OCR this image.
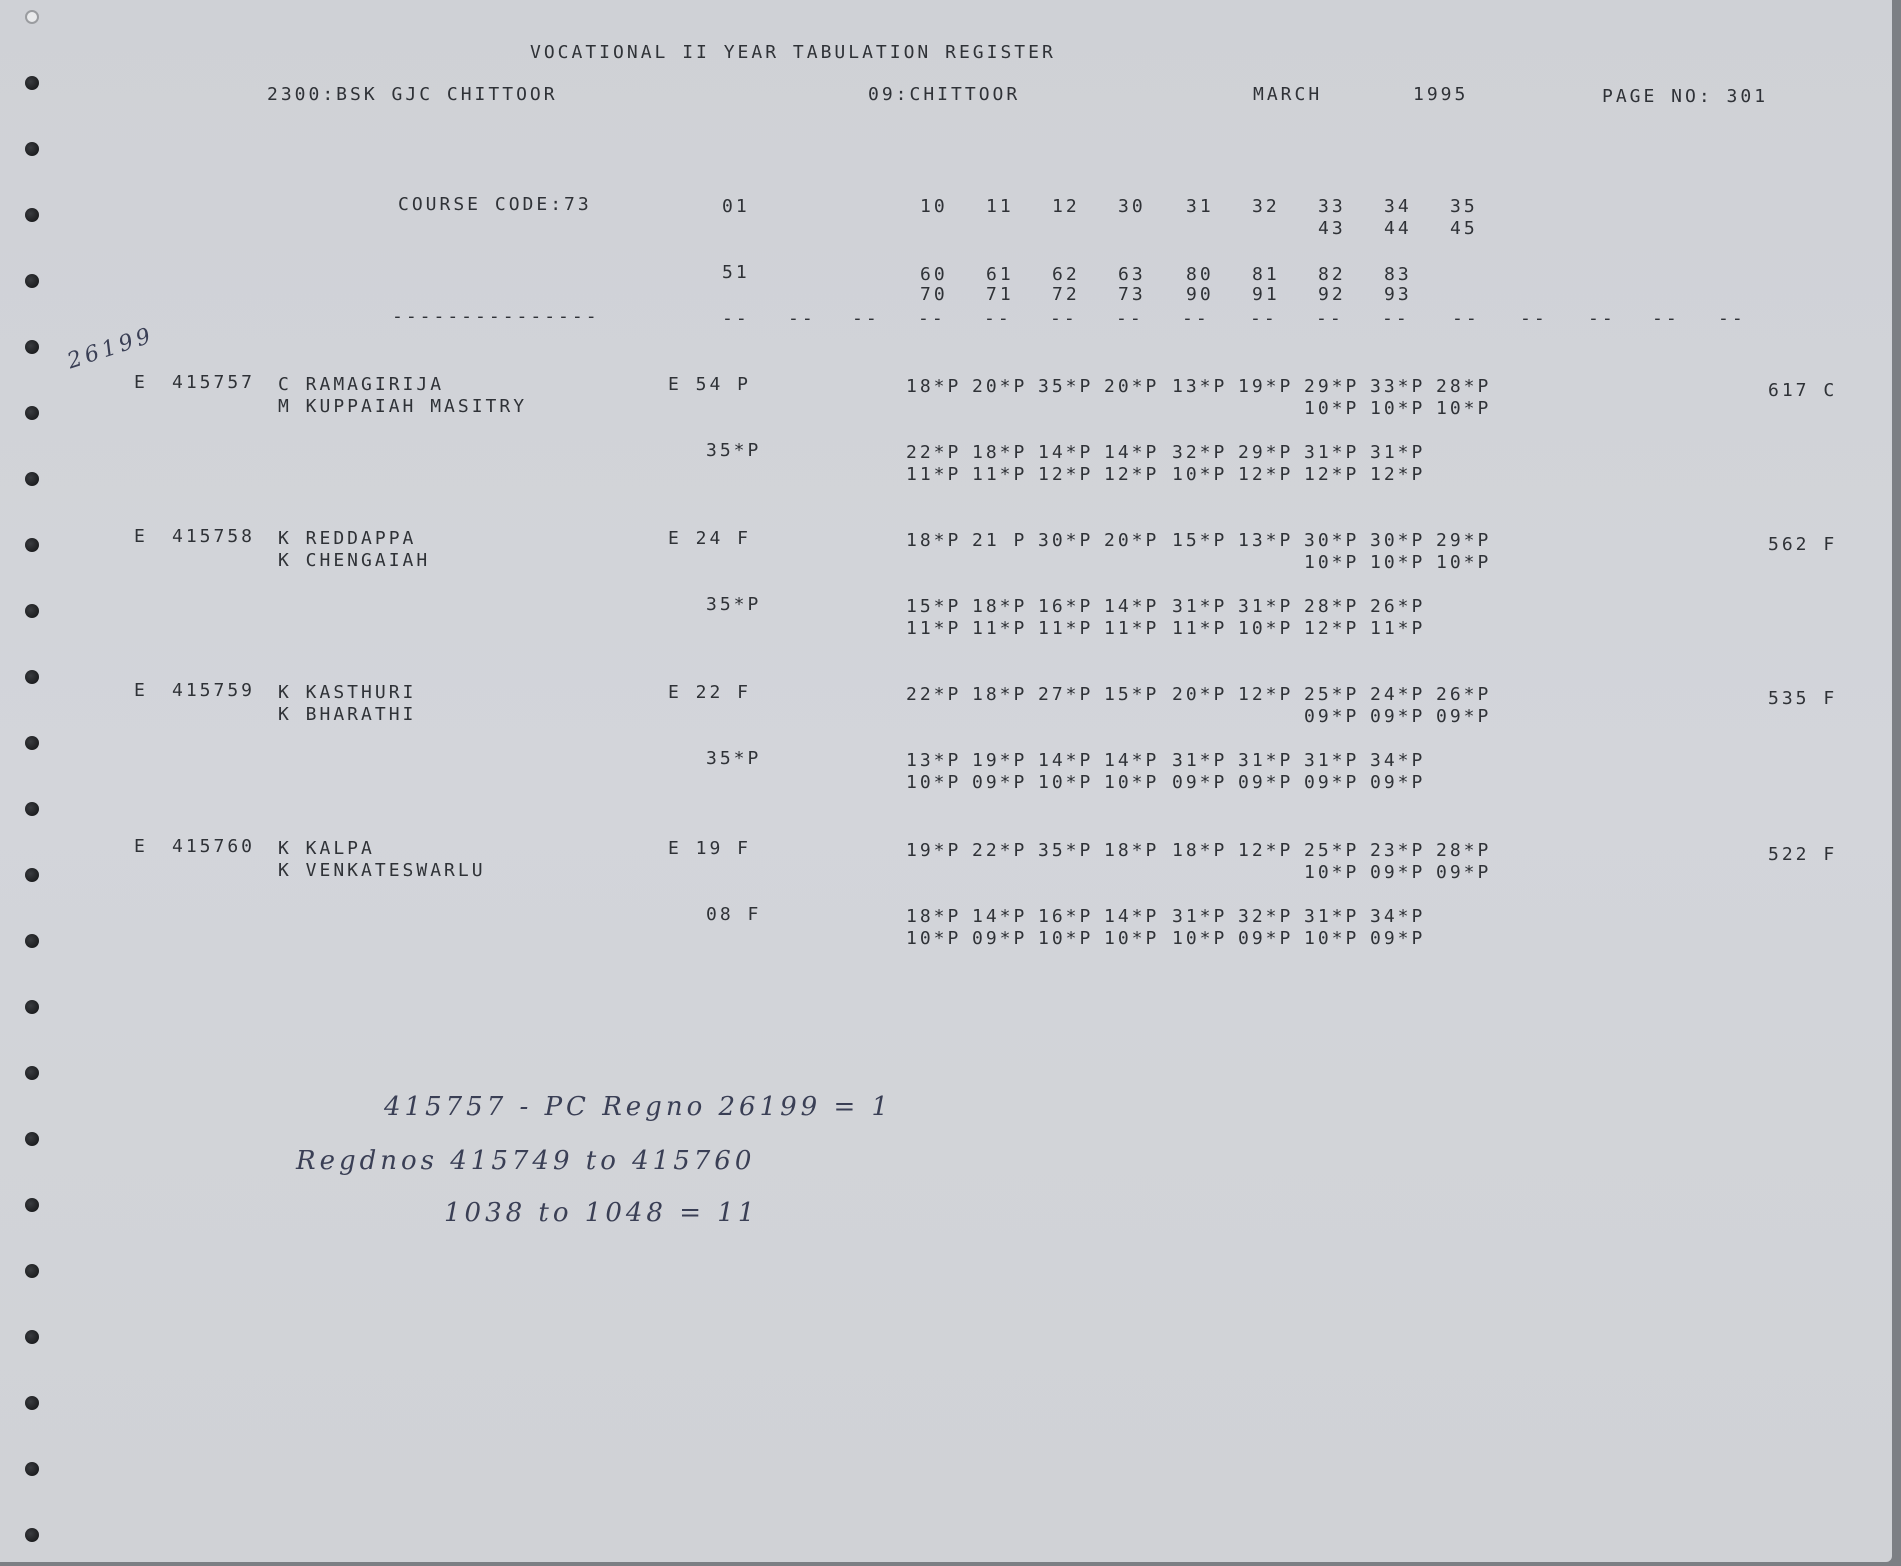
VOCATIONAL II YEAR TABULATION REGISTER
2300:BSK GJC CHITTOOR	09:CHITTOOR	MARCH	1995	PAGE NO: 301
COURSE CODE:73	01	10 11 12 30 31 32 33 34 35
43 44 45
51	60 61 62 63 80 81 82 83
70 71 72 73 90 91 92 93
---------------	-- -- -- -- -- -- -- -- -- -- -- -- -- -- -- --
E 415757 C RAMAGIRIJA
M KUPPAIAH MASITRY
E 54 P	18*P 20*P 35*P 20*P 13*P 19*P 29*P 33*P 28*P
10*P 10*P 10*P
35*P	22*P 18*P 14*P 14*P 32*P 29*P 31*P 31*P
11*P 11*P 12*P 12*P 10*P 12*P 12*P 12*P
617 C
E 415758 K REDDAPPA
K CHENGAIAH
E 24 F	18*P 21 P 30*P 20*P 15*P 13*P 30*P 30*P 29*P
10*P 10*P 10*P
35*P	15*P 18*P 16*P 14*P 31*P 31*P 28*P 26*P
11*P 11*P 11*P 11*P 11*P 10*P 12*P 11*P
562 F
E 415759 K KASTHURI
K BHARATHI
E 22 F	22*P 18*P 27*P 15*P 20*P 12*P 25*P 24*P 26*P
09*P 09*P 09*P
35*P	13*P 19*P 14*P 14*P 31*P 31*P 31*P 34*P
10*P 09*P 10*P 10*P 09*P 09*P 09*P 09*P
535 F
E 415760 K KALPA
K VENKATESWARLU
E 19 F	19*P 22*P 35*P 18*P 18*P 12*P 25*P 23*P 28*P
10*P 09*P 09*P
08 F	18*P 14*P 16*P 14*P 31*P 32*P 31*P 34*P
10*P 09*P 10*P 10*P 10*P 09*P 10*P 09*P
522 F
26199
415757 - PC Regno 26199 = 1
Regdnos 415749 to 415760
1038 to 1048 = 11
